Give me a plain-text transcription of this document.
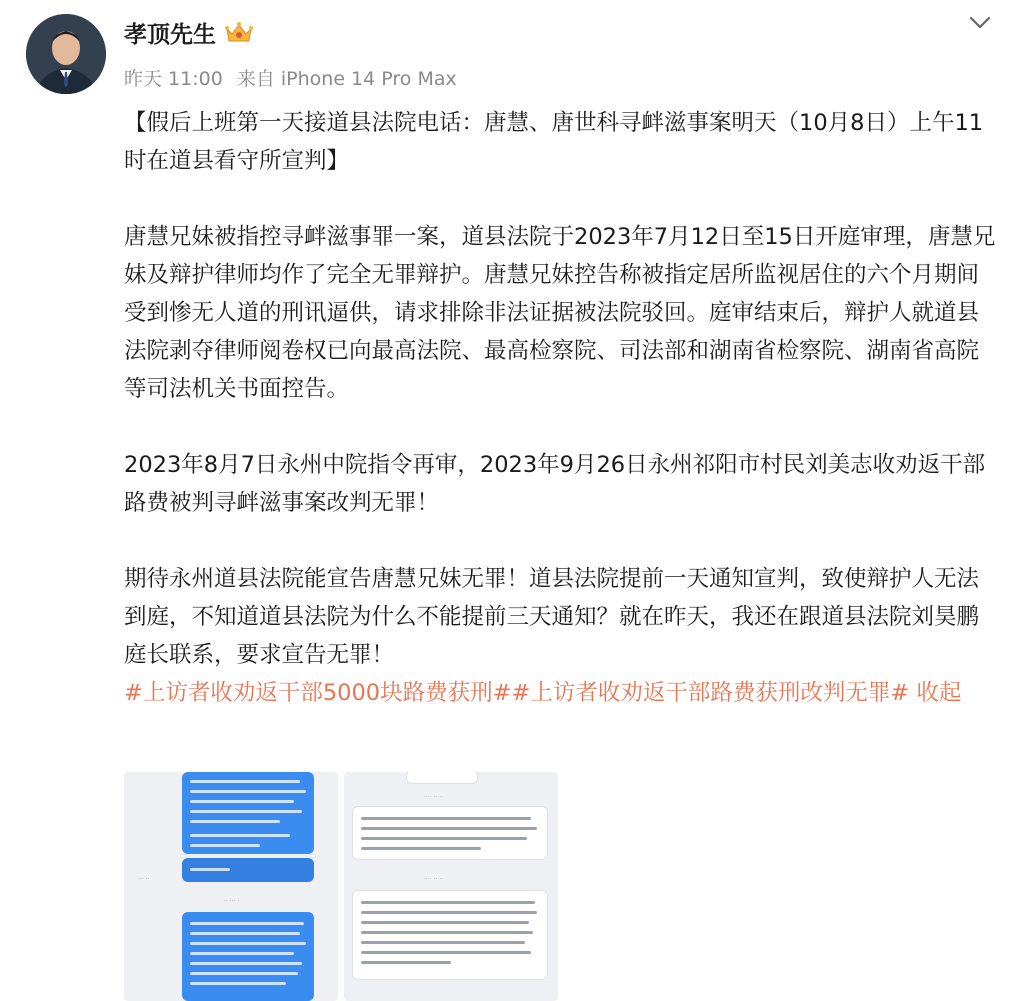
孝顶先生
昨天 11:00 来自 iPhone 14 Pro Max

【假后上班第一天接道县法院电话：唐慧、唐世科寻衅滋事案明天（10月8日）上午11时在道县看守所宣判】

唐慧兄妹被指控寻衅滋事罪一案，道县法院于2023年7月12日至15日开庭审理，唐慧兄妹及辩护律师均作了完全无罪辩护。唐慧兄妹控告称被指定居所监视居住的六个月期间受到惨无人道的刑讯逼供，请求排除非法证据被法院驳回。庭审结束后，辩护人就道县法院剥夺律师阅卷权已向最高法院、最高检察院、司法部和湖南省检察院、湖南省高院等司法机关书面控告。

2023年8月7日永州中院指令再审，2023年9月26日永州祁阳市村民刘美志收劝返干部路费被判寻衅滋事案改判无罪！

期待永州道县法院能宣告唐慧兄妹无罪！道县法院提前一天通知宣判，致使辩护人无法到庭，不知道道县法院为什么不能提前三天通知？就在昨天，我还在跟道县法院刘昊鹏庭长联系，要求宣告无罪！

#上访者收劝返干部5000块路费获刑##上访者收劝返干部路费获刑改判无罪# 收起

··· ··
·· ··· ·
···· ·· ··
···· ·· ··
